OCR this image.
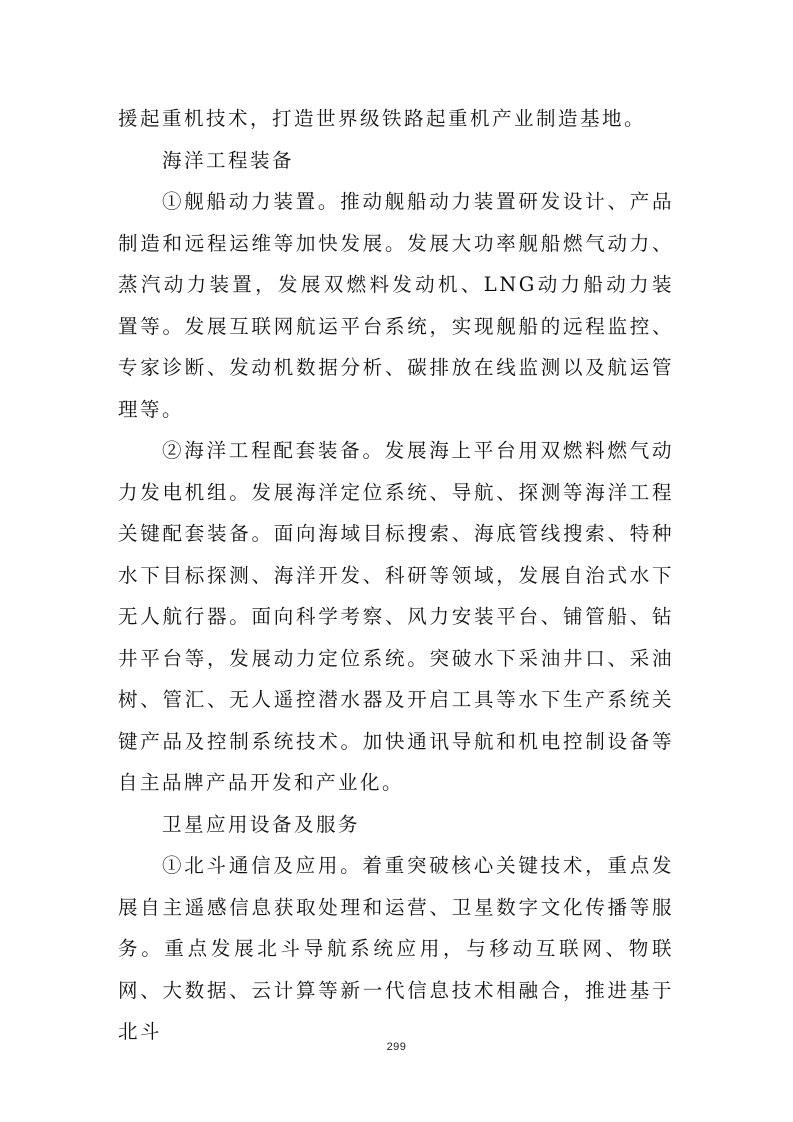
援起重机技术，打造世界级铁路起重机产业制造基地。

海洋工程装备

①舰船动力装置。推动舰船动力装置研发设计、产品制造和远程运维等加快发展。发展大功率舰船燃气动力、蒸汽动力装置，发展双燃料发动机、LNG动力船动力装置等。发展互联网航运平台系统，实现舰船的远程监控、专家诊断、发动机数据分析、碳排放在线监测以及航运管理等。

②海洋工程配套装备。发展海上平台用双燃料燃气动力发电机组。发展海洋定位系统、导航、探测等海洋工程关键配套装备。面向海域目标搜索、海底管线搜索、特种水下目标探测、海洋开发、科研等领域，发展自治式水下无人航行器。面向科学考察、风力安装平台、铺管船、钻井平台等，发展动力定位系统。突破水下采油井口、采油树、管汇、无人遥控潜水器及开启工具等水下生产系统关键产品及控制系统技术。加快通讯导航和机电控制设备等自主品牌产品开发和产业化。

卫星应用设备及服务

①北斗通信及应用。着重突破核心关键技术，重点发展自主遥感信息获取处理和运营、卫星数字文化传播等服务。重点发展北斗导航系统应用，与移动互联网、物联网、大数据、云计算等新一代信息技术相融合，推进基于北斗

299
